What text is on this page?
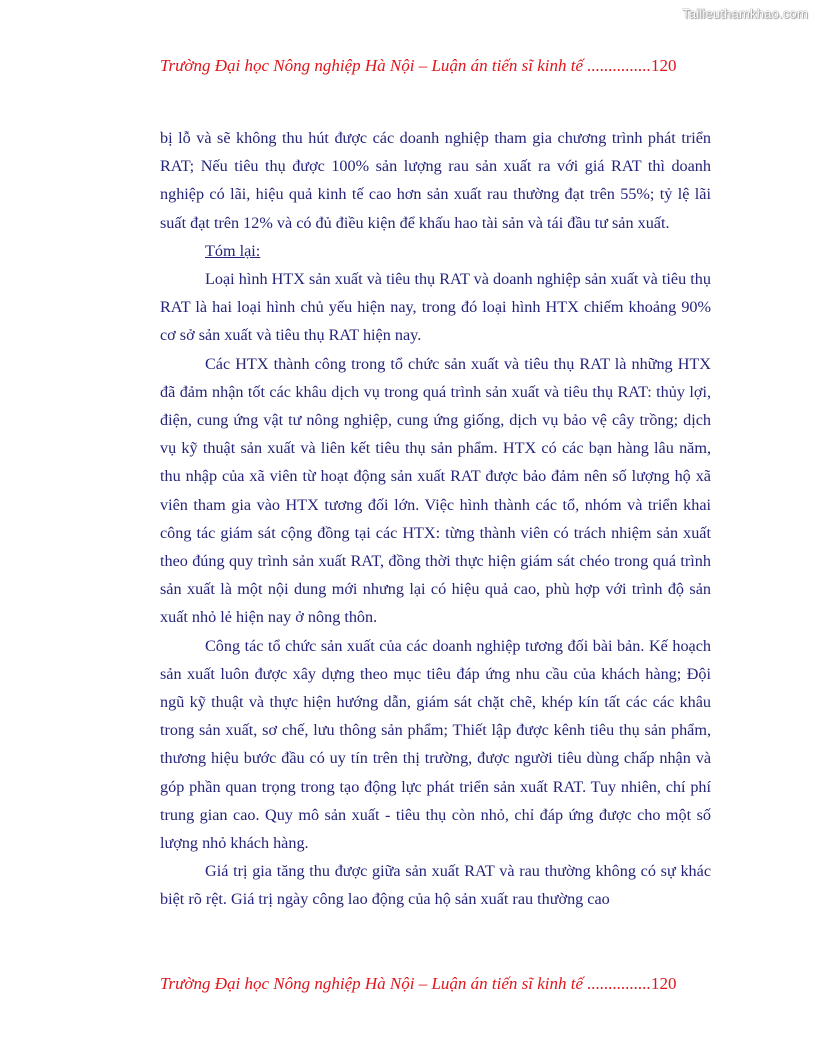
Tailieuthamkhao.com
Trường Đại học Nông nghiệp Hà Nội – Luận án tiến sĩ kinh tế ...............120

bị lỗ và sẽ không thu hút được các doanh nghiệp tham gia chương trình phát triển RAT; Nếu tiêu thụ được 100% sản lượng rau sản xuất ra với giá RAT thì doanh nghiệp có lãi, hiệu quả kinh tế cao hơn sản xuất rau thường đạt trên 55%; tỷ lệ lãi suất đạt trên 12% và có đủ điều kiện để khấu hao tài sản và tái đầu tư sản xuất.

Tóm lại:

Loại hình HTX sản xuất và tiêu thụ RAT và doanh nghiệp sản xuất và tiêu thụ RAT là hai loại hình chủ yếu hiện nay, trong đó loại hình HTX chiếm khoảng 90% cơ sở sản xuất và tiêu thụ RAT hiện nay.

Các HTX thành công trong tổ chức sản xuất và tiêu thụ RAT là những HTX đã đảm nhận tốt các khâu dịch vụ trong quá trình sản xuất và tiêu thụ RAT: thủy lợi, điện, cung ứng vật tư nông nghiệp, cung ứng giống, dịch vụ bảo vệ cây trồng; dịch vụ kỹ thuật sản xuất và liên kết tiêu thụ sản phẩm. HTX có các bạn hàng lâu năm, thu nhập của xã viên từ hoạt động sản xuất RAT được bảo đảm nên số lượng hộ xã viên tham gia vào HTX tương đối lớn. Việc hình thành các tổ, nhóm và triển khai công tác giám sát cộng đồng tại các HTX: từng thành viên có trách nhiệm sản xuất theo đúng quy trình sản xuất RAT, đồng thời thực hiện giám sát chéo trong quá trình sản xuất là một nội dung mới nhưng lại có hiệu quả cao, phù hợp với trình độ sản xuất nhỏ lẻ hiện nay ở nông thôn.

Công tác tổ chức sản xuất của các doanh nghiệp tương đối bài bản. Kế hoạch sản xuất luôn được xây dựng theo mục tiêu đáp ứng nhu cầu của khách hàng; Đội ngũ kỹ thuật và thực hiện hướng dẫn, giám sát chặt chẽ, khép kín tất các các khâu trong sản xuất, sơ chế, lưu thông sản phẩm; Thiết lập được kênh tiêu thụ sản phẩm, thương hiệu bước đầu có uy tín trên thị trường, được người tiêu dùng chấp nhận và góp phần quan trọng trong tạo động lực phát triển sản xuất RAT. Tuy nhiên, chí phí trung gian cao. Quy mô sản xuất - tiêu thụ còn nhỏ, chỉ đáp ứng được cho một số lượng nhỏ khách hàng.

Giá trị gia tăng thu được giữa sản xuất RAT và rau thường không có sự khác biệt rõ rệt. Giá trị ngày công lao động của hộ sản xuất rau thường cao

Trường Đại học Nông nghiệp Hà Nội – Luận án tiến sĩ kinh tế ...............120
